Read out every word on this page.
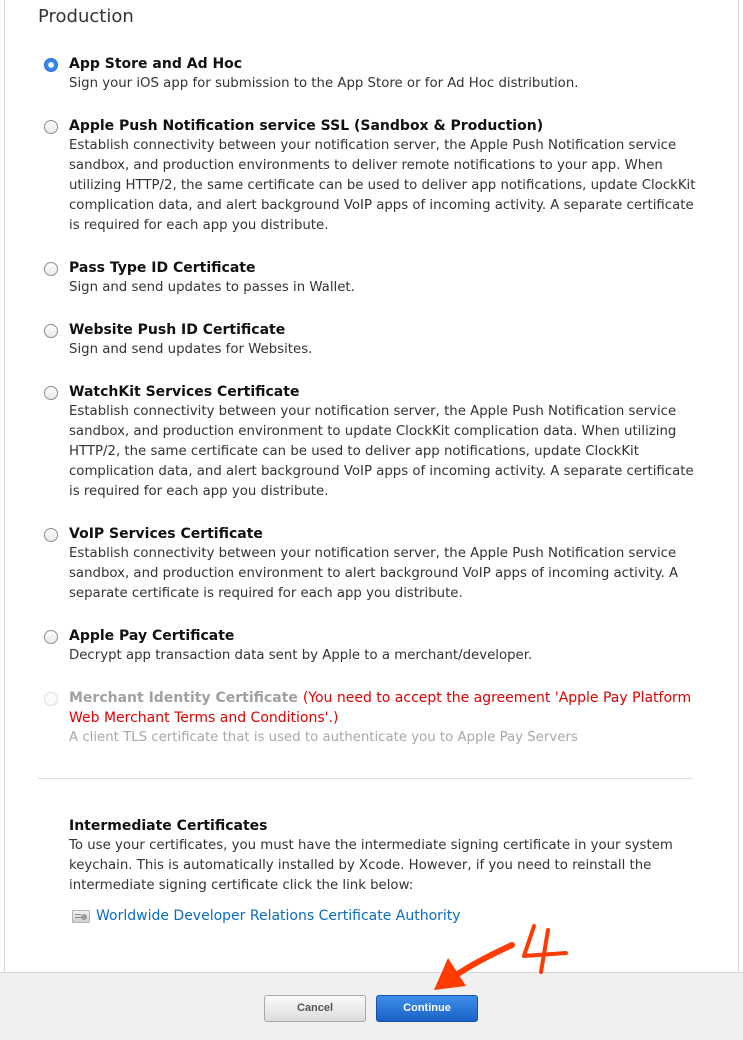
Production
App Store and Ad Hoc
Sign your iOS app for submission to the App Store or for Ad Hoc distribution.
Apple Push Notification service SSL (Sandbox & Production)
Establish connectivity between your notification server, the Apple Push Notification service sandbox, and production environments to deliver remote notifications to your app. When utilizing HTTP/2, the same certificate can be used to deliver app notifications, update ClockKit complication data, and alert background VoIP apps of incoming activity. A separate certificate is required for each app you distribute.
Pass Type ID Certificate
Sign and send updates to passes in Wallet.
Website Push ID Certificate
Sign and send updates for Websites.
WatchKit Services Certificate
Establish connectivity between your notification server, the Apple Push Notification service sandbox, and production environment to update ClockKit complication data. When utilizing HTTP/2, the same certificate can be used to deliver app notifications, update ClockKit complication data, and alert background VoIP apps of incoming activity. A separate certificate is required for each app you distribute.
VoIP Services Certificate
Establish connectivity between your notification server, the Apple Push Notification service sandbox, and production environment to alert background VoIP apps of incoming activity. A separate certificate is required for each app you distribute.
Apple Pay Certificate
Decrypt app transaction data sent by Apple to a merchant/developer.
Merchant Identity Certificate (You need to accept the agreement 'Apple Pay Platform Web Merchant Terms and Conditions'.)
A client TLS certificate that is used to authenticate you to Apple Pay Servers
Intermediate Certificates
To use your certificates, you must have the intermediate signing certificate in your system keychain. This is automatically installed by Xcode. However, if you need to reinstall the intermediate signing certificate click the link below:
Worldwide Developer Relations Certificate Authority
Cancel	Continue
